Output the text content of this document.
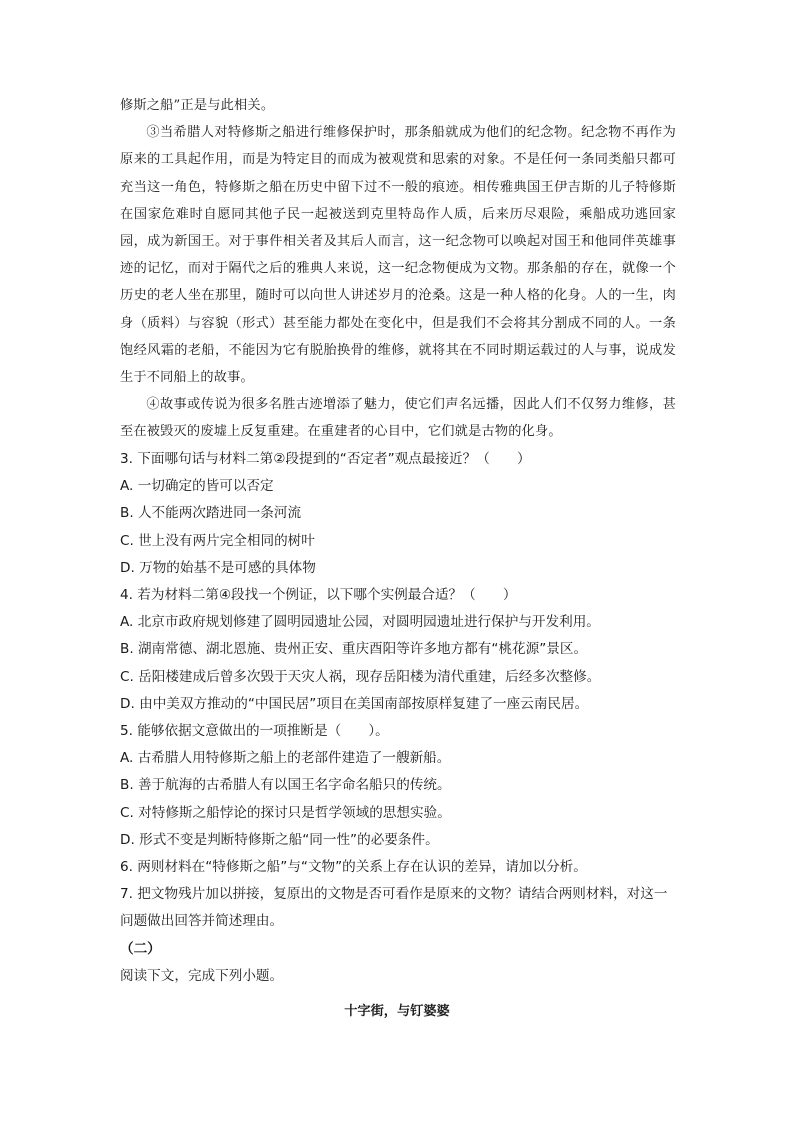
修斯之船”正是与此相关。

③当希腊人对特修斯之船进行维修保护时，那条船就成为他们的纪念物。纪念物不再作为原来的工具起作用，而是为特定目的而成为被观赏和思索的对象。不是任何一条同类船只都可充当这一角色，特修斯之船在历史中留下过不一般的痕迹。相传雅典国王伊吉斯的儿子特修斯在国家危难时自愿同其他子民一起被送到克里特岛作人质，后来历尽艰险，乘船成功逃回家园，成为新国王。对于事件相关者及其后人而言，这一纪念物可以唤起对国王和他同伴英雄事迹的记忆，而对于隔代之后的雅典人来说，这一纪念物便成为文物。那条船的存在，就像一个历史的老人坐在那里，随时可以向世人讲述岁月的沧桑。这是一种人格的化身。人的一生，肉身（质料）与容貌（形式）甚至能力都处在变化中，但是我们不会将其分割成不同的人。一条饱经风霜的老船，不能因为它有脱胎换骨的维修，就将其在不同时期运载过的人与事，说成发生于不同船上的故事。

④故事或传说为很多名胜古迹增添了魅力，使它们声名远播，因此人们不仅努力维修，甚至在被毁灭的废墟上反复重建。在重建者的心目中，它们就是古物的化身。

3. 下面哪句话与材料二第②段提到的“否定者”观点最接近？（　　）
A. 一切确定的皆可以否定
B. 人不能两次踏进同一条河流
C. 世上没有两片完全相同的树叶
D. 万物的始基不是可感的具体物
4. 若为材料二第④段找一个例证，以下哪个实例最合适？（　　）
A. 北京市政府规划修建了圆明园遗址公园，对圆明园遗址进行保护与开发利用。
B. 湖南常德、湖北恩施、贵州正安、重庆酉阳等许多地方都有“桃花源”景区。
C. 岳阳楼建成后曾多次毁于天灾人祸，现存岳阳楼为清代重建，后经多次整修。
D. 由中美双方推动的“中国民居”项目在美国南部按原样复建了一座云南民居。
5. 能够依据文意做出的一项推断是（　　）。
A. 古希腊人用特修斯之船上的老部件建造了一艘新船。
B. 善于航海的古希腊人有以国王名字命名船只的传统。
C. 对特修斯之船悖论的探讨只是哲学领域的思想实验。
D. 形式不变是判断特修斯之船“同一性”的必要条件。
6. 两则材料在“特修斯之船”与“文物”的关系上存在认识的差异，请加以分析。
7. 把文物残片加以拼接，复原出的文物是否可看作是原来的文物？请结合两则材料，对这一问题做出回答并简述理由。
（二）
阅读下文，完成下列小题。
十字街，与钉婆婆
